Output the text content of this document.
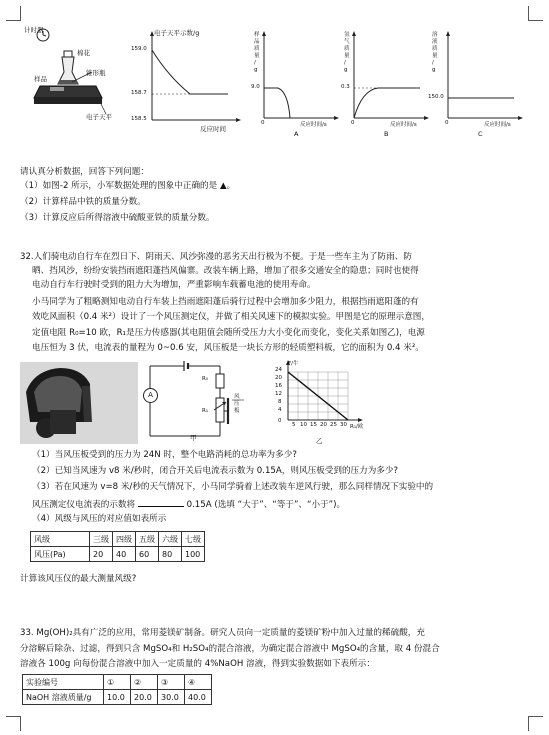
计时器
棉花
样品
锥形瓶
电子天平
电子天平示数/g
159.0
158.7
158.5
反应时间
样
品
质
量
/
g
9.0
0	反应时间/s
A
氢
气
质
量
/
g
0.3
0	反应时间/s
B
溶
液
质
量
/
g
150.0
0	反应时间/s
C
请认真分析数据，回答下列问题：
（1）如图-2 所示，小军数据处理的图象中正确的是 ▲。
（2）计算样品中铁的质量分数。
（3）计算反应后所得溶液中硫酸亚铁的质量分数。
32.人们骑电动自行车在烈日下、阴雨天、风沙弥漫的恶劣天出行极为不便。于是一些车主为了防雨、防
晒、挡风沙，纷纷安装挡雨遮阳蓬挡风偏寨。改装车辆上路，增加了很多交通安全的隐患；同时也使得
电动自行车行驶时受到的阻力大为增加，严重影响车载蓄电池的使用寿命。
小马同学为了粗略测知电动自行车装上挡雨遮阳蓬后骑行过程中会增加多少阻力，根据挡雨遮阳蓬的有
效吃风面积（0.4 米²）设计了一个风压测定仪，并做了相关风速下的模拟实验。甲图是它的原理示意图，
定值电阻 R₀=10 欧，R₁是压力传感器(其电阻值会随所受压力大小变化而变化，变化关系如图乙)，电源
电压恒为 3 伏，电流表的量程为 0~0.6 安，风压板是一块长方形的轻质塑料板，它的面积为 0.4 米²。
A
R₀
R₁
风
压
板
甲
F/牛
R₁/欧
24
20
16
12
8
4
0
5 10 15 20 25 30
乙
（1）当风压板受到的压力为 24N 时，整个电路消耗的总功率为多少?
（2）已知当风速为 v8 米/秒时，闭合开关后电流表示数为 0.15A，则风压板受到的压力为多少?
（3）若在风速为 v=8 米/秒的天气情况下，小马同学骑着上述改装车逆风行驶，那么同样情况下实验中的
风压测定仪电流表的示数将	0.15A (选填 “大于”、“等于”、“小于”)。
（4）风级与风压的对应值如表所示
风级	三级	四级	五级	六级	七级
风压(Pa)	20	40	60	80	100
计算该风压仪的最大测量风级?
33. Mg(OH)₂具有广泛的应用，常用菱镁矿制备。研究人员向一定质量的菱镁矿粉中加入过量的稀硫酸，充
分溶解后除杂、过滤，得到只含 MgSO₄和 H₂SO₄的混合溶液，为确定混合溶液中 MgSO₄的含量，取 4 份混合
溶液各 100g 向每份混合溶液中加入一定质量的 4%NaOH 溶液，得到实验数据如下表所示：
实验编号	①	②	③	④
NaOH 溶液质量/g	10.0	20.0	30.0	40.0
